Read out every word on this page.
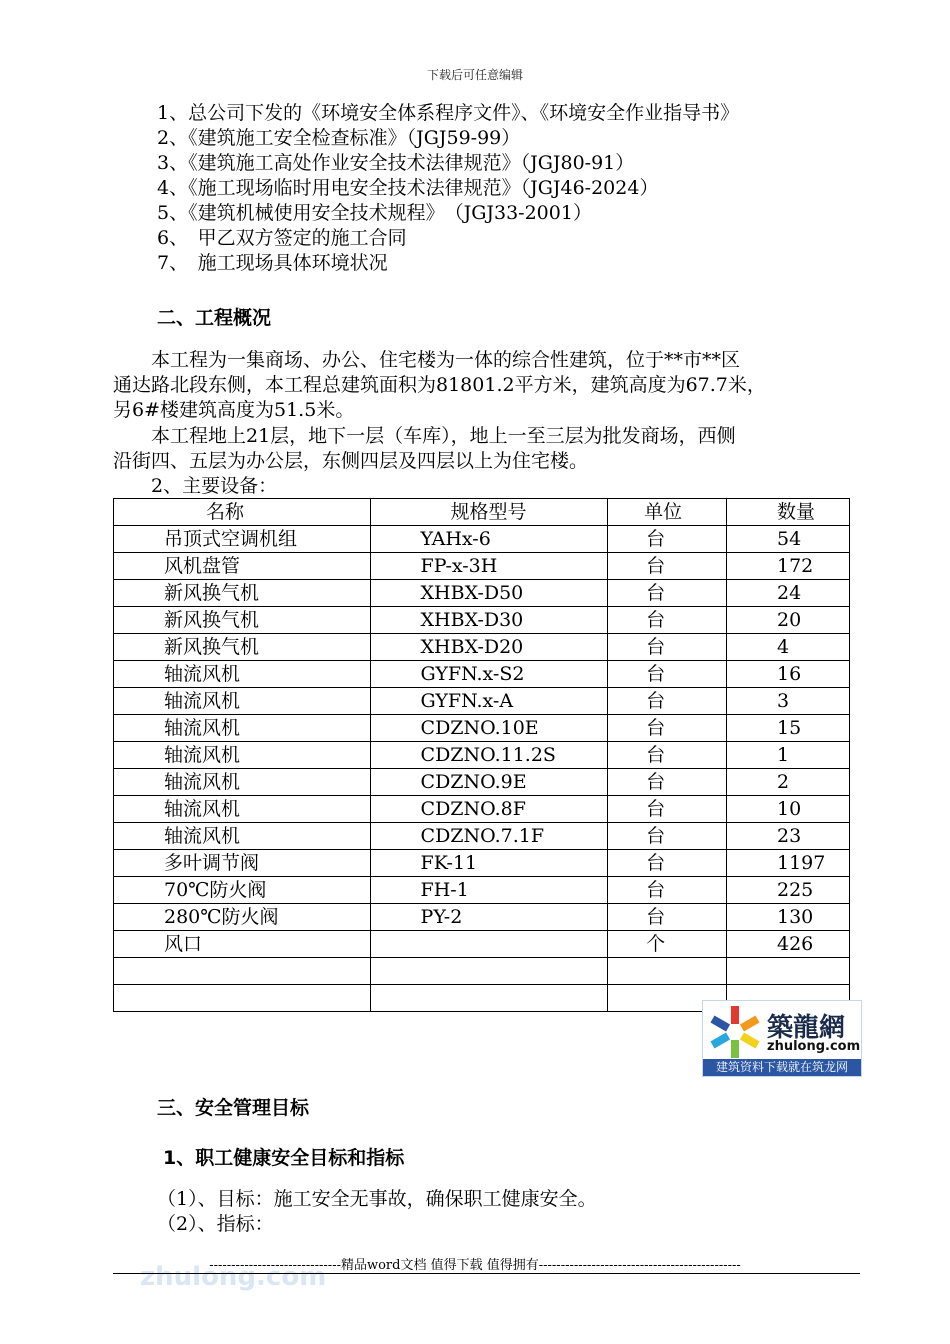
下载后可任意编辑
1、总公司下发的《环境安全体系程序文件》、《环境安全作业指导书》
2、《建筑施工安全检查标准》（JGJ59-99）
3、《建筑施工高处作业安全技术法律规范》（JGJ80-91）
4、《施工现场临时用电安全技术法律规范》（JGJ46-2024）
5、《建筑机械使用安全技术规程》　（JGJ33-2001）
6、　甲乙双方签定的施工合同
7、　施工现场具体环境状况
二、工程概况
　　本工程为一集商场、办公、住宅楼为一体的综合性建筑，位于**市**区
通达路北段东侧，本工程总建筑面积为81801.2平方米，建筑高度为67.7米，
另6#楼建筑高度为51.5米。
　　本工程地上21层，地下一层（车库），地上一至三层为批发商场，西侧
沿街四、五层为办公层，东侧四层及四层以上为住宅楼。
　　2、主要设备：
名称	规格型号	单位	数量
吊顶式空调机组	YAHx-6	台	54
风机盘管	FP-x-3H	台	172
新风换气机	XHBX-D50	台	24
新风换气机	XHBX-D30	台	20
新风换气机	XHBX-D20	台	4
轴流风机	GYFN.x-S2	台	16
轴流风机	GYFN.x-A	台	3
轴流风机	CDZNO.10E	台	15
轴流风机	CDZNO.11.2S	台	1
轴流风机	CDZNO.9E	台	2
轴流风机	CDZNO.8F	台	10
轴流风机	CDZNO.7.1F	台	23
多叶调节阀	FK-11	台	1197
70℃防火阀	FH-1	台	225
280℃防火阀	PY-2	台	130
风口		个	426

築龍網
zhulong.com
建筑资料下载就在筑龙网
三、安全管理目标
1、职工健康安全目标和指标
（1）、目标：施工安全无事故，确保职工健康安全。
（2）、指标：
zhulong.com
------------------------------精品word文档 值得下载 值得拥有----------------------------------------------
